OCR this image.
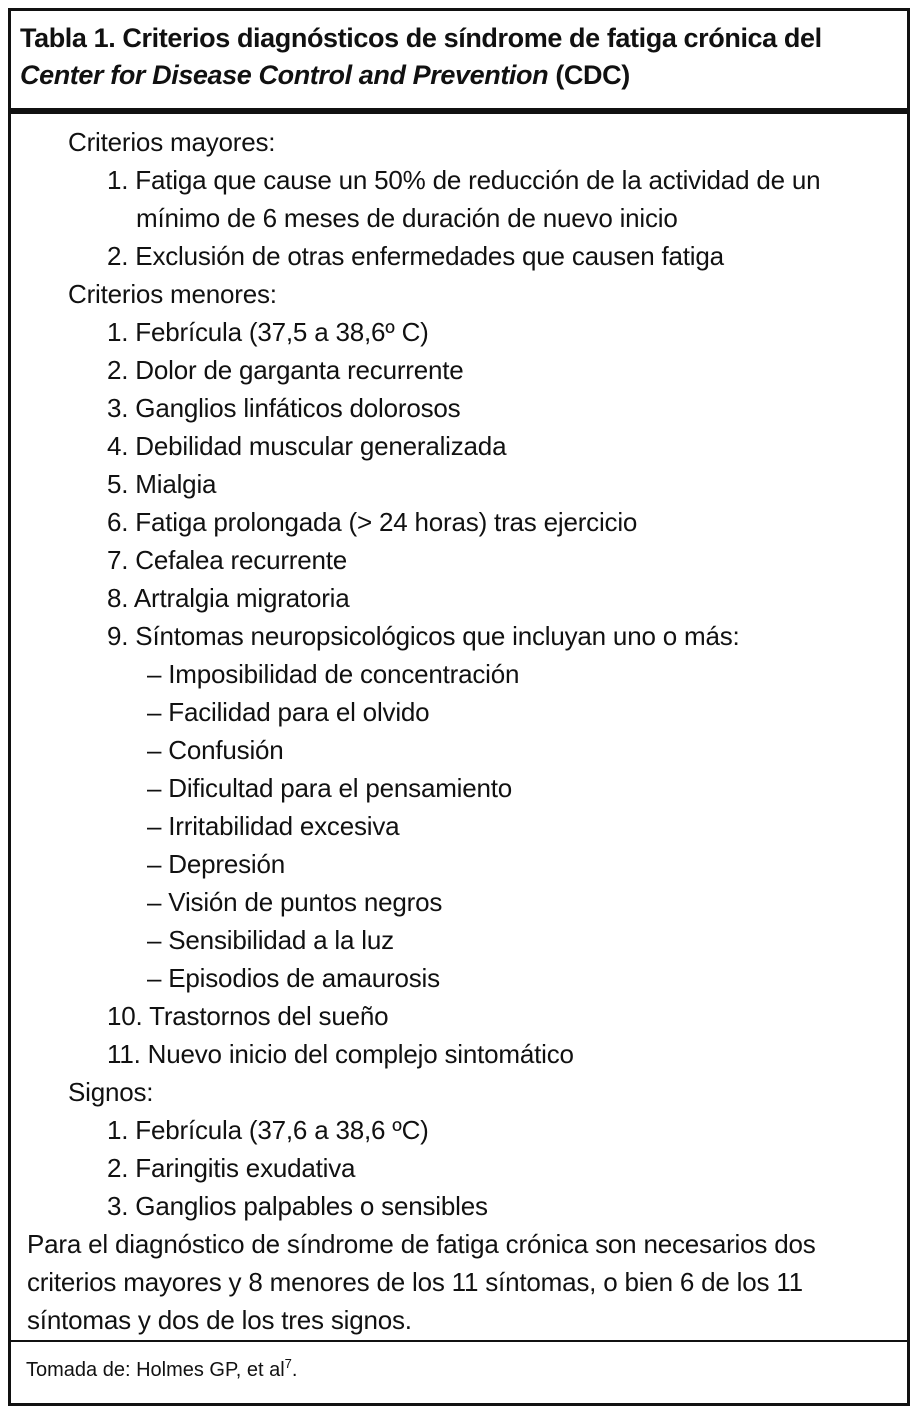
Tabla 1. Criterios diagnósticos de síndrome de fatiga crónica del
Center for Disease Control and Prevention (CDC)
Criterios mayores:
1. Fatiga que cause un 50% de reducción de la actividad de un
mínimo de 6 meses de duración de nuevo inicio
2. Exclusión de otras enfermedades que causen fatiga
Criterios menores:
1. Febrícula (37,5 a 38,6º C)
2. Dolor de garganta recurrente
3. Ganglios linfáticos dolorosos
4. Debilidad muscular generalizada
5. Mialgia
6. Fatiga prolongada (> 24 horas) tras ejercicio
7. Cefalea recurrente
8. Artralgia migratoria
9. Síntomas neuropsicológicos que incluyan uno o más:
– Imposibilidad de concentración
– Facilidad para el olvido
– Confusión
– Dificultad para el pensamiento
– Irritabilidad excesiva
– Depresión
– Visión de puntos negros
– Sensibilidad a la luz
– Episodios de amaurosis
10. Trastornos del sueño
11. Nuevo inicio del complejo sintomático
Signos:
1. Febrícula (37,6 a 38,6 ºC)
2. Faringitis exudativa
3. Ganglios palpables o sensibles
Para el diagnóstico de síndrome de fatiga crónica son necesarios dos
criterios mayores y 8 menores de los 11 síntomas, o bien 6 de los 11
síntomas y dos de los tres signos.
Tomada de: Holmes GP, et $al^7$.
